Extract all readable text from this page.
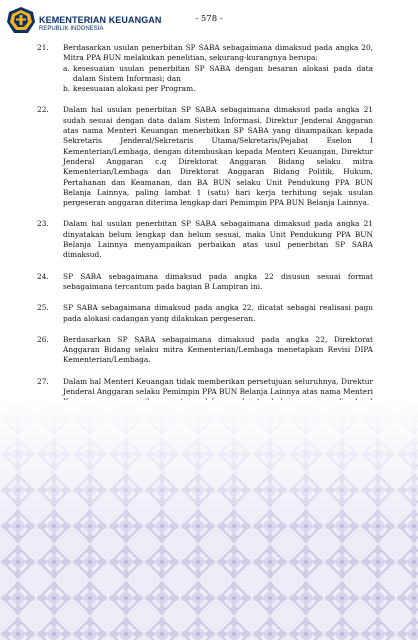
KEMENTERIAN KEUANGAN
REPUBLIK INDONESIA
- 578 -
21. Berdasarkan usulan penerbitan SP SABA sebagaimana dimaksud pada angka 20, Mitra PPA BUN melakukan penelitian, sekurang-kurangnya berupa:
a. kesesuaian usulan penerbitan SP SABA dengan besaran alokasi pada data dalam Sistem Informasi; dan
b. kesesuaian alokasi per Program.
22. Dalam hal usulan penerbitan SP SABA sebagaimana dimaksud pada angka 21 sudah sesuai dengan data dalam Sistem Informasi, Direktur Jenderal Anggaran atas nama Menteri Keuangan menerbitkan SP SABA yang disampaikan kepada Sekretaris Jenderal/Sekretaris Utama/Sekretaris/Pejabat Eselon I Kementerian/Lembaga, dengan ditembuskan kepada Menteri Keuangan, Direktur Jenderal Anggaran c.q Direktorat Anggaran Bidang selaku mitra Kementerian/Lembaga dan Direktorat Anggaran Bidang Politik, Hukum, Pertahanan dan Keamanan, dan BA BUN selaku Unit Pendukung PPA BUN Belanja Lainnya, paling lambat 1 (satu) hari kerja terhitung sejak usulan pergeseran anggaran diterima lengkap dari Pemimpin PPA BUN Belanja Lainnya.
23. Dalam hal usulan penerbitan SP SABA sebagaimana dimaksud pada angka 21 dinyatakan belum lengkap dan belum sesuai, maka Unit Pendukung PPA BUN Belanja Lainnya menyampaikan perbaikan atas usul penerbitan SP SABA dimaksud.
24. SP SABA sebagaimana dimaksud pada angka 22 disusun sesuai format sebagaimana tercantum pada bagian B Lampiran ini.
25. SP SABA sebagaimana dimaksud pada angka 22, dicatat sebagai realisasi pagu pada alokasi cadangan yang dilakukan pergeseran.
26. Berdasarkan SP SABA sebagaimana dimaksud pada angka 22, Direktorat Anggaran Bidang selaku mitra Kementerian/Lembaga menetapkan Revisi DIPA Kementerian/Lembaga.
27. Dalam hal Menteri Keuangan tidak memberikan persetujuan seluruhnya, Direktur Jenderal Anggaran selaku Pemimpin PPA BUN Belanja Lainnya atas nama Menteri
